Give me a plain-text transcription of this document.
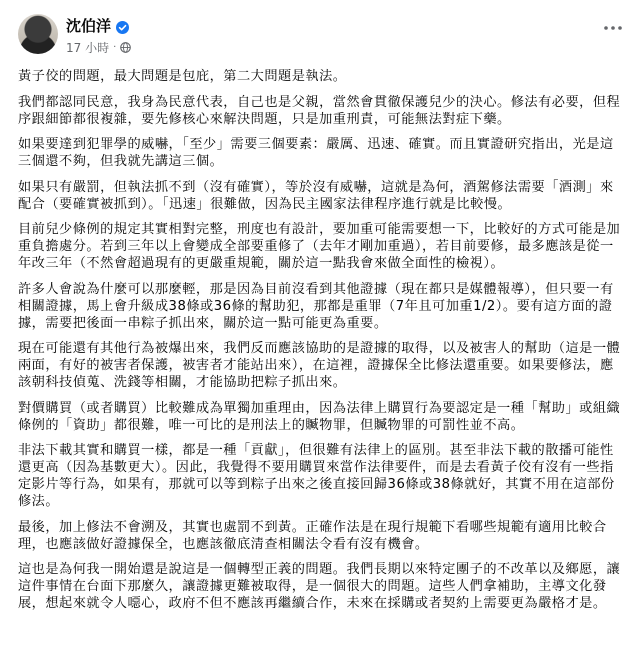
沈伯洋
17 小時 ·

黃子佼的問題，最大問題是包庇，第二大問題是執法。

我們都認同民意，我身為民意代表，自己也是父親，當然會貫徹保護兒少的決心。修法有必要，但程序跟細節都很複雜，要先修核心來解決問題，只是加重刑責，可能無法對症下藥。

如果要達到犯罪學的威嚇，「至少」需要三個要素：嚴厲、迅速、確實。而且實證研究指出，光是這三個還不夠，但我就先講這三個。

如果只有嚴罰，但執法抓不到（沒有確實），等於沒有威嚇，這就是為何，酒駕修法需要「酒測」來配合（要確實被抓到）。「迅速」很難做，因為民主國家法律程序進行就是比較慢。

目前兒少條例的規定其實相對完整，刑度也有設計，要加重可能需要想一下，比較好的方式可能是加重負擔處分。若到三年以上會變成全部要重修了（去年才剛加重過），若目前要修，最多應該是從一年改三年（不然會超過現有的更嚴重規範，關於這一點我會來做全面性的檢視）。

許多人會說為什麼可以那麼輕，那是因為目前沒看到其他證據（現在都只是媒體報導），但只要一有相關證據，馬上會升級成38條或36條的幫助犯，那都是重罪（7年且可加重1/2）。要有這方面的證據，需要把後面一串粽子抓出來，關於這一點可能更為重要。

現在可能還有其他行為被爆出來，我們反而應該協助的是證據的取得，以及被害人的幫助（這是一體兩面，有好的被害者保護，被害者才能站出來），在這裡，證據保全比修法還重要。如果要修法，應該朝科技偵蒐、洗錢等相關，才能協助把粽子抓出來。

對價購買（或者購買）比較難成為單獨加重理由，因為法律上購買行為要認定是一種「幫助」或組織條例的「資助」都很難，唯一可比的是刑法上的贓物罪，但贓物罪的可罰性並不高。

非法下載其實和購買一樣，都是一種「貢獻」，但很難有法律上的區別。甚至非法下載的散播可能性還更高（因為基數更大）。因此，我覺得不要用購買來當作法律要件，而是去看黃子佼有沒有一些指定影片等行為，如果有，那就可以等到粽子出來之後直接回歸36條或38條就好，其實不用在這部份修法。

最後，加上修法不會溯及，其實也處罰不到黃。正確作法是在現行規範下看哪些規範有適用比較合理，也應該做好證據保全，也應該徹底清查相關法令看有沒有機會。

這也是為何我一開始還是說這是一個轉型正義的問題。我們長期以來特定團子的不改革以及鄉愿，讓這件事情在台面下那麼久，讓證據更難被取得，是一個很大的問題。這些人們拿補助，主導文化發展，想起來就令人噁心，政府不但不應該再繼續合作，未來在採購或者契約上需要更為嚴格才是。
